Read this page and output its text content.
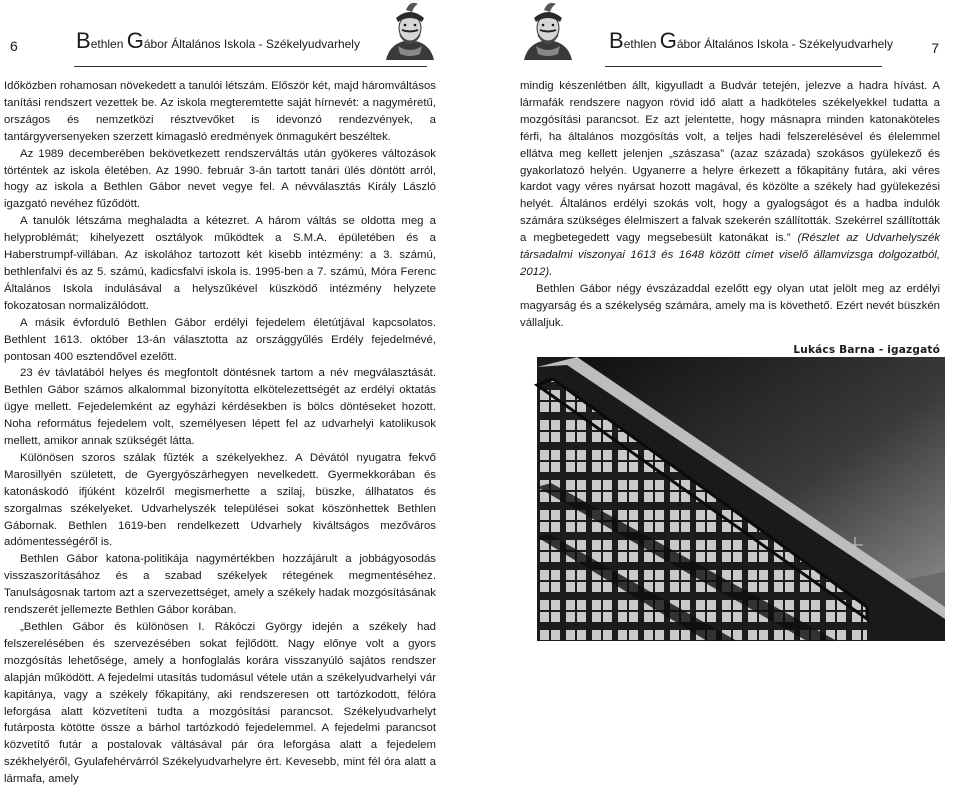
6	Bethlen Gábor Általános Iskola - Székelyudvarhely

Időközben rohamosan növekedett a tanulói létszám. Először két, majd háromváltásos tanítási rendszert vezettek be. Az iskola megteremtette saját hírnevét: a nagyméretű, országos és nemzetközi résztvevőket is idevonzó rendezvények, a tantárgyversenyeken szerzett kimagasló eredmények önmagukért beszéltek.

Az 1989 decemberében bekövetkezett rendszerváltás után gyökeres változások történtek az iskola életében. Az 1990. február 3-án tartott tanári ülés döntött arról, hogy az iskola a Bethlen Gábor nevet vegye fel. A névválasztás Király László igazgató nevéhez fűződött.

A tanulók létszáma meghaladta a kétezret. A három váltás se oldotta meg a helyproblémát; kihelyezett osztályok működtek a S.M.A. épületében és a Haberstrumpf-villában. Az iskolához tartozott két kisebb intézmény: a 3. számú, bethlenfalvi és az 5. számú, kadicsfalvi iskola is. 1995-ben a 7. számú, Móra Ferenc Általános Iskola indulásával a helyszűkével küszködő intézmény helyzete fokozatosan normalizálódott.

A másik évforduló Bethlen Gábor erdélyi fejedelem életútjával kapcsolatos. Bethlent 1613. október 13-án választotta az országgyűlés Erdély fejedelmévé, pontosan 400 esztendővel ezelőtt.

23 év távlatából helyes és megfontolt döntésnek tartom a név megválasztását. Bethlen Gábor számos alkalommal bizonyította elkötelezettségét az erdélyi oktatás ügye mellett. Fejedelemként az egyházi kérdésekben is bölcs döntéseket hozott. Noha református fejedelem volt, személyesen lépett fel az udvarhelyi katolikusok mellett, amikor annak szükségét látta.

Különösen szoros szálak fűzték a székelyekhez. A Dévától nyugatra fekvő Marosillyén született, de Gyergyószárhegyen nevelkedett. Gyermekkorában és katonáskodó ifjúként közelről megismerhette a szilaj, büszke, állhatatos és szorgalmas székelyeket. Udvarhelyszék települései sokat köszönhettek Bethlen Gábornak. Bethlen 1619-ben rendelkezett Udvarhely kiváltságos mezőváros adómentességéről is.

Bethlen Gábor katona-politikája nagymértékben hozzájárult a jobbágyosodás visszaszorításához és a szabad székelyek rétegének megmentéséhez. Tanulságosnak tartom azt a szervezettséget, amely a székely hadak mozgósításának rendszerét jellemezte Bethlen Gábor korában.

„Bethlen Gábor és különösen I. Rákóczi György idején a székely had felszerelésében és szervezésében sokat fejlődött. Nagy előnye volt a gyors mozgósítás lehetősége, amely a honfoglalás korára visszanyúló sajátos rendszer alapján működött. A fejedelmi utasítás tudomásul vétele után a székelyudvarhelyi vár kapitánya, vagy a székely főkapitány, aki rendszeresen ott tartózkodott, félóra leforgása alatt közvetíteni tudta a mozgósítási parancsot. Székelyudvarhelyt futárposta kötötte össze a bárhol tartózkodó fejedelemmel. A fejedelmi parancsot közvetítő futár a postalovak váltásával pár óra leforgása alatt a fejedelem székhelyéről, Gyulafehérvárról Székelyudvarhelyre ért. Kevesebb, mint fél óra alatt a lármafa, amely

Bethlen Gábor Általános Iskola - Székelyudvarhely	7

mindig készenlétben állt, kigyulladt a Budvár tetején, jelezve a hadra hívást. A lármafák rendszere nagyon rövid idő alatt a hadköteles székelyekkel tudatta a mozgósítási parancsot. Ez azt jelentette, hogy másnapra minden katonaköteles férfi, ha általános mozgósítás volt, a teljes hadi felszerelésével és élelemmel ellátva meg kellett jelenjen „szászasa” (azaz százada) szokásos gyülekező és gyakorlatozó helyén. Ugyanerre a helyre érkezett a főkapitány futára, aki véres kardot vagy véres nyársat hozott magával, és közölte a székely had gyülekezési helyét. Általános erdélyi szokás volt, hogy a gyalogságot és a hadba indulók számára szükséges élelmiszert a falvak szekerén szállították. Szekérrel szállították a megbetegedett vagy megsebesült katonákat is.” (Részlet az Udvarhelyszék társadalmi viszonyai 1613 és 1648 között címet viselő államvizsga dolgozatból, 2012).

Bethlen Gábor négy évszázaddal ezelőtt egy olyan utat jelölt meg az erdélyi magyarság és a székelység számára, amely ma is követhető. Ezért nevét büszkén vállaljuk.

Lukács Barna - igazgató
